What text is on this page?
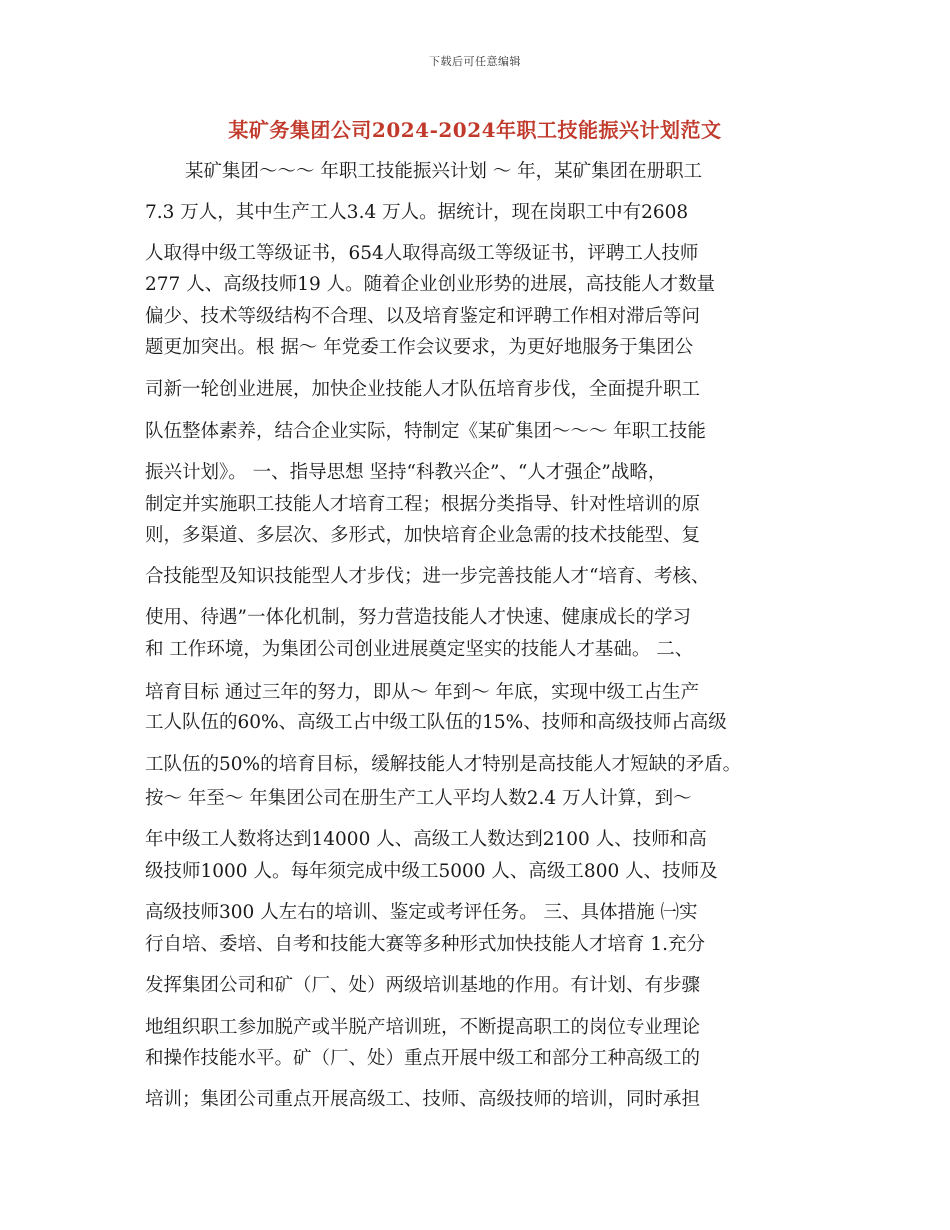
下载后可任意编辑
某矿务集团公司2024-2024年职工技能振兴计划范文
某矿集团～～～ 年职工技能振兴计划 ～ 年，某矿集团在册职工
7.3 万人，其中生产工人3.4 万人。据统计，现在岗职工中有2608
人取得中级工等级证书，654人取得高级工等级证书，评聘工人技师
277 人、高级技师19 人。随着企业创业形势的进展，高技能人才数量
偏少、技术等级结构不合理、以及培育鉴定和评聘工作相对滞后等问
题更加突出。根 据～ 年党委工作会议要求，为更好地服务于集团公
司新一轮创业进展，加快企业技能人才队伍培育步伐，全面提升职工
队伍整体素养，结合企业实际，特制定《某矿集团～～～ 年职工技能
振兴计划》。 一、指导思想 坚持“科教兴企”、“人才强企”战略，
制定并实施职工技能人才培育工程；根据分类指导、针对性培训的原
则，多渠道、多层次、多形式，加快培育企业急需的技术技能型、复
合技能型及知识技能型人才步伐；进一步完善技能人才“培育、考核、
使用、待遇”一体化机制，努力营造技能人才快速、健康成长的学习
和 工作环境，为集团公司创业进展奠定坚实的技能人才基础。 二、
培育目标 通过三年的努力，即从～ 年到～ 年底，实现中级工占生产
工人队伍的60%、高级工占中级工队伍的15%、技师和高级技师占高级
工队伍的50%的培育目标，缓解技能人才特别是高技能人才短缺的矛盾。
按～ 年至～ 年集团公司在册生产工人平均人数2.4 万人计算，到～
年中级工人数将达到14000 人、高级工人数达到2100 人、技师和高
级技师1000 人。每年须完成中级工5000 人、高级工800 人、技师及
高级技师300 人左右的培训、鉴定或考评任务。 三、具体措施 ㈠实
行自培、委培、自考和技能大赛等多种形式加快技能人才培育 1.充分
发挥集团公司和矿（厂、处）两级培训基地的作用。有计划、有步骤
地组织职工参加脱产或半脱产培训班，不断提高职工的岗位专业理论
和操作技能水平。矿（厂、处）重点开展中级工和部分工种高级工的
培训；集团公司重点开展高级工、技师、高级技师的培训，同时承担
